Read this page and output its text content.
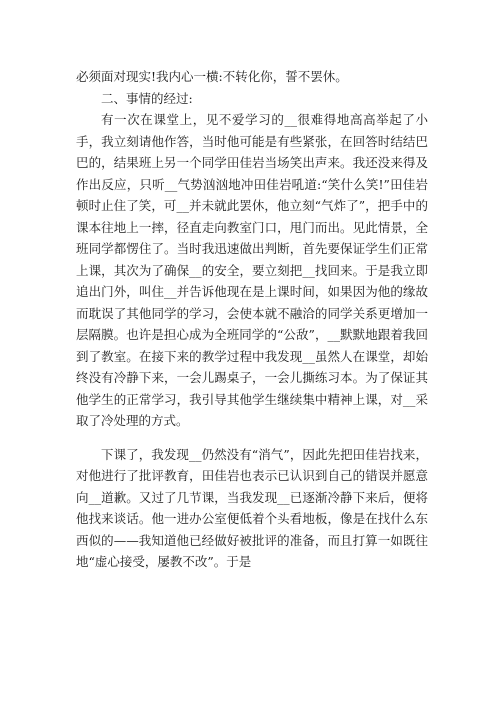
必须面对现实!我内心一横:不转化你，誓不罢休。

二、事情的经过:

有一次在课堂上，见不爱学习的__很难得地高高举起了小手，我立刻请他作答，当时他可能是有些紧张，在回答时结结巴巴的，结果班上另一个同学田佳岩当场笑出声来。我还没来得及作出反应，只听__气势汹汹地冲田佳岩吼道:“笑什么笑!”田佳岩顿时止住了笑，可__并未就此罢休，他立刻“气炸了”，把手中的课本往地上一摔，径直走向教室门口，甩门而出。见此情景，全班同学都愣住了。当时我迅速做出判断，首先要保证学生们正常上课，其次为了确保__的安全，要立刻把__找回来。于是我立即追出门外，叫住__并告诉他现在是上课时间，如果因为他的缘故而耽误了其他同学的学习，会使本就不融洽的同学关系更增加一层隔膜。也许是担心成为全班同学的“公敌”，__默默地跟着我回到了教室。在接下来的教学过程中我发现__虽然人在课堂，却始终没有冷静下来，一会儿踢桌子，一会儿撕练习本。为了保证其他学生的正常学习，我引导其他学生继续集中精神上课，对__采取了冷处理的方式。

下课了，我发现__仍然没有“消气”，因此先把田佳岩找来，对他进行了批评教育，田佳岩也表示已认识到自己的错误并愿意向__道歉。又过了几节课，当我发现__已逐渐冷静下来后，便将他找来谈话。他一进办公室便低着个头看地板，像是在找什么东西似的——我知道他已经做好被批评的准备，而且打算一如既往地“虚心接受，屡教不改”。于是
